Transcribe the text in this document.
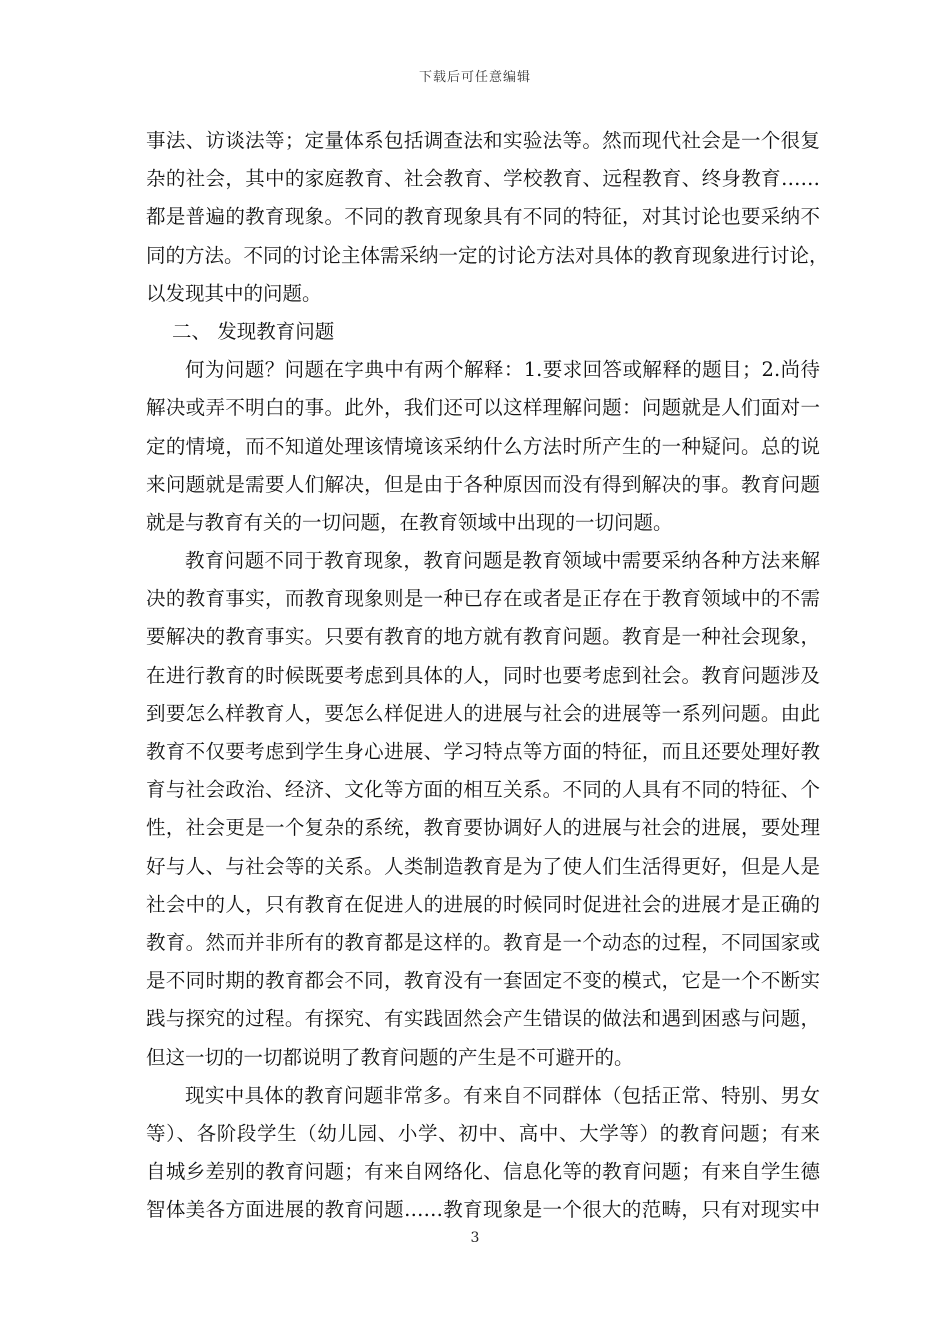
下载后可任意编辑
事法、访谈法等；定量体系包括调查法和实验法等。然而现代社会是一个很复
杂的社会，其中的家庭教育、社会教育、学校教育、远程教育、终身教育……
都是普遍的教育现象。不同的教育现象具有不同的特征，对其讨论也要采纳不
同的方法。不同的讨论主体需采纳一定的讨论方法对具体的教育现象进行讨论，
以发现其中的问题。
二、 发现教育问题
何为问题？问题在字典中有两个解释：1.要求回答或解释的题目；2.尚待
解决或弄不明白的事。此外，我们还可以这样理解问题：问题就是人们面对一
定的情境，而不知道处理该情境该采纳什么方法时所产生的一种疑问。总的说
来问题就是需要人们解决，但是由于各种原因而没有得到解决的事。教育问题
就是与教育有关的一切问题，在教育领域中出现的一切问题。
教育问题不同于教育现象，教育问题是教育领域中需要采纳各种方法来解
决的教育事实，而教育现象则是一种已存在或者是正存在于教育领域中的不需
要解决的教育事实。只要有教育的地方就有教育问题。教育是一种社会现象，
在进行教育的时候既要考虑到具体的人，同时也要考虑到社会。教育问题涉及
到要怎么样教育人，要怎么样促进人的进展与社会的进展等一系列问题。由此
教育不仅要考虑到学生身心进展、学习特点等方面的特征，而且还要处理好教
育与社会政治、经济、文化等方面的相互关系。不同的人具有不同的特征、个
性，社会更是一个复杂的系统，教育要协调好人的进展与社会的进展，要处理
好与人、与社会等的关系。人类制造教育是为了使人们生活得更好，但是人是
社会中的人，只有教育在促进人的进展的时候同时促进社会的进展才是正确的
教育。然而并非所有的教育都是这样的。教育是一个动态的过程，不同国家或
是不同时期的教育都会不同，教育没有一套固定不变的模式，它是一个不断实
践与探究的过程。有探究、有实践固然会产生错误的做法和遇到困惑与问题，
但这一切的一切都说明了教育问题的产生是不可避开的。
现实中具体的教育问题非常多。有来自不同群体（包括正常、特别、男女
等）、各阶段学生（幼儿园、小学、初中、高中、大学等）的教育问题；有来
自城乡差别的教育问题；有来自网络化、信息化等的教育问题；有来自学生德
智体美各方面进展的教育问题……教育现象是一个很大的范畴，只有对现实中
3
